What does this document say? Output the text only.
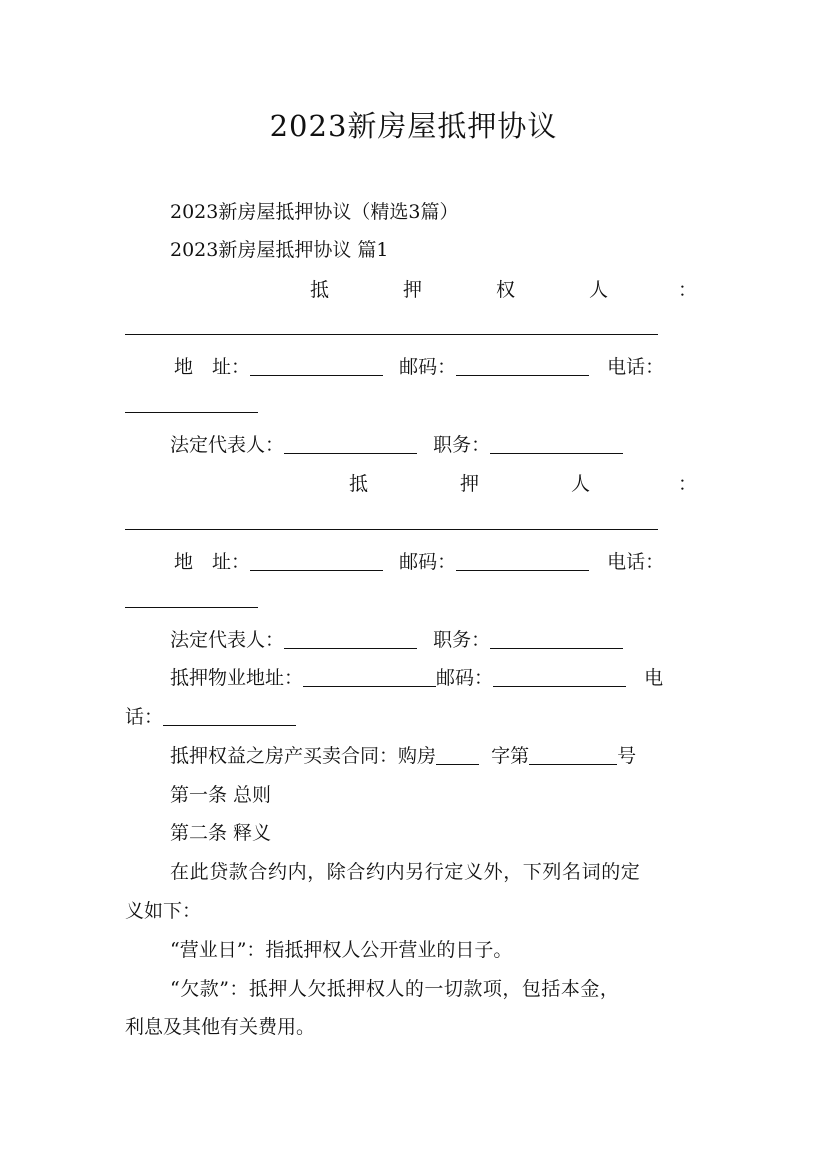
2023新房屋抵押协议
2023新房屋抵押协议（精选3篇）
2023新房屋抵押协议 篇1
抵	押	权	人	：
地　址：	邮码：	电话：
法定代表人：	职务：
抵	押	人	：
地　址：	邮码：	电话：
法定代表人：	职务：
抵押物业地址：	邮码：	电
话：
抵押权益之房产买卖合同：购房	字第	号
第一条 总则
第二条 释义
在此贷款合约内，除合约内另行定义外，下列名词的定
义如下：
“营业日”：指抵押权人公开营业的日子。
“欠款”：抵押人欠抵押权人的一切款项，包括本金，
利息及其他有关费用。
